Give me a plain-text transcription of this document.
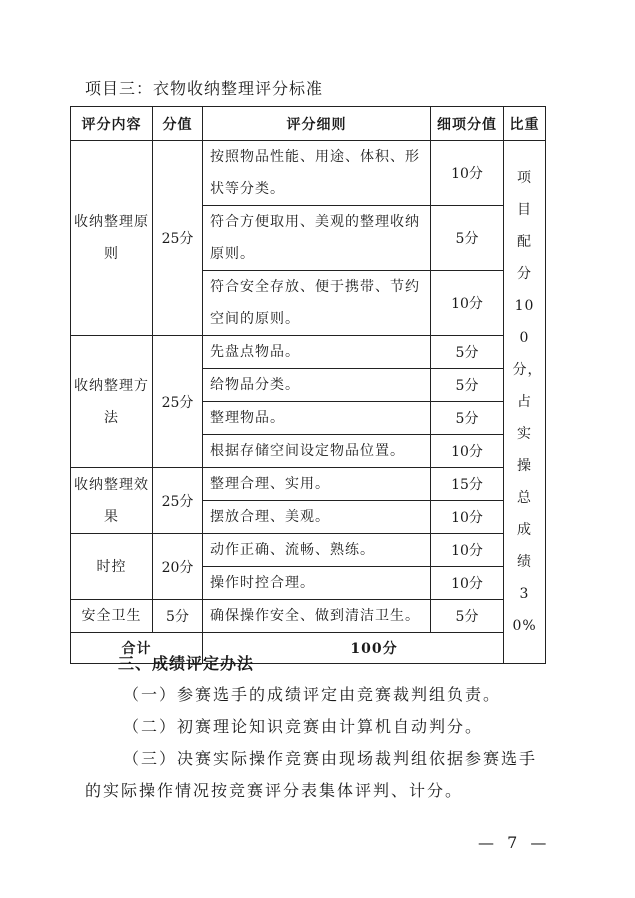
项目三：衣物收纳整理评分标准
评分内容	分值	评分细则	细项分值	比重
收纳整理原则	25分	按照物品性能、用途、体积、形状等分类。	10分	项目配分100分，占实操总成绩30%

		符合方便取用、美观的整理收纳原则。	5分	
		符合安全存放、便于携带、节约空间的原则。	10分	
收纳整理方法	25分	先盘点物品。	5分	
		给物品分类。	5分	
		整理物品。	5分	
		根据存储空间设定物品位置。	10分	
收纳整理效果	25分	整理合理、实用。	15分	
		摆放合理、美观。	10分	
时控	20分	动作正确、流畅、熟练。	10分	
		操作时控合理。	10分	
安全卫生	5分	确保操作安全、做到清洁卫生。	5分	
合计		100分		
三、成绩评定办法
（一）参赛选手的成绩评定由竞赛裁判组负责。
（二）初赛理论知识竞赛由计算机自动判分。
（三）决赛实际操作竞赛由现场裁判组依据参赛选手的实际操作情况按竞赛评分表集体评判、计分。
— 7 —
